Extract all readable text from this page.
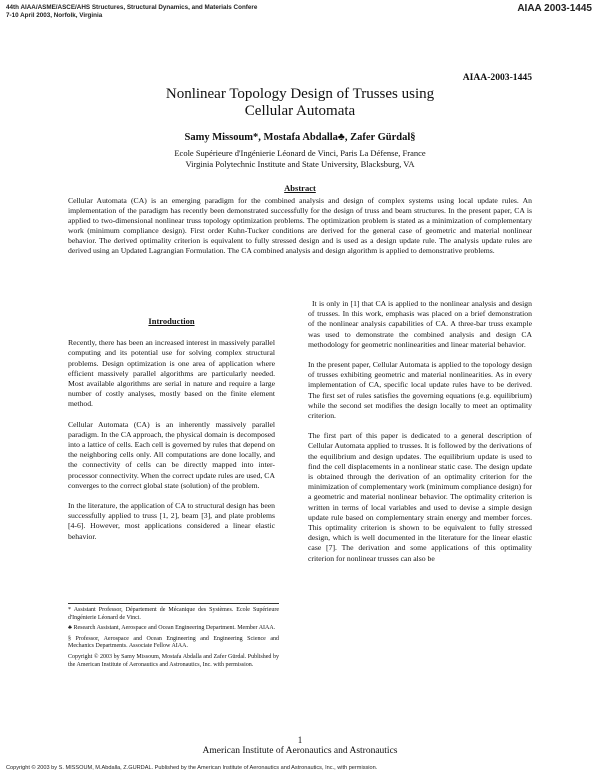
44th AIAA/ASME/ASCE/AHS Structures, Structural Dynamics, and Materials Confere
7-10 April 2003, Norfolk, Virginia
AIAA 2003-1445
AIAA-2003-1445
Nonlinear Topology Design of Trusses using
Cellular Automata
Samy Missoum*, Mostafa Abdalla♣, Zafer Gürdal§
Ecole Supérieure d'Ingénierie Léonard de Vinci, Paris La Défense, France
Virginia Polytechnic Institute and State University, Blacksburg, VA
Abstract
Cellular Automata (CA) is an emerging paradigm for the combined analysis and design of complex systems using local update rules. An implementation of the paradigm has recently been demonstrated successfully for the design of truss and beam structures. In the present paper, CA is applied to two-dimensional nonlinear truss topology optimization problems. The optimization problem is stated as a minimization of complementary work (minimum compliance design). First order Kuhn-Tucker conditions are derived for the general case of geometric and material nonlinear behavior. The derived optimality criterion is equivalent to fully stressed design and is used as a design update rule. The analysis update rules are derived using an Updated Lagrangian Formulation. The CA combined analysis and design algorithm is applied to demonstrative problems.
Introduction

Recently, there has been an increased interest in massively parallel computing and its potential use for solving complex structural problems. Design optimization is one area of application where efficient massively parallel algorithms are particularly needed. Most available algorithms are serial in nature and require a large number of costly analyses, mostly based on the finite element method.

Cellular Automata (CA) is an inherently massively parallel paradigm. In the CA approach, the physical domain is decomposed into a lattice of cells. Each cell is governed by rules that depend on the neighboring cells only. All computations are done locally, and the connectivity of cells can be directly mapped into inter-processor connectivity. When the correct update rules are used, CA converges to the correct global state (solution) of the problem.

In the literature, the application of CA to structural design has been successfully applied to truss [1, 2], beam [3], and plate problems [4-6]. However, most applications considered a linear elastic behavior.

It is only in [1] that CA is applied to the nonlinear analysis and design of trusses. In this work, emphasis was placed on a brief demonstration of the nonlinear analysis capabilities of CA. A three-bar truss example was used to demonstrate the combined analysis and design CA methodology for geometric nonlinearities and linear material behavior.

In the present paper, Cellular Automata is applied to the topology design of trusses exhibiting geometric and material nonlinearities. As in every implementation of CA, specific local update rules have to be derived. The first set of rules satisfies the governing equations (e.g. equilibrium) while the second set modifies the design locally to meet an optimality criterion.

The first part of this paper is dedicated to a general description of Cellular Automata applied to trusses. It is followed by the derivations of the equilibrium and design updates. The equilibrium update is used to find the cell displacements in a nonlinear static case. The design update is obtained through the derivation of an optimality criterion for the minimization of complementary work (minimum compliance design) for a geometric and material nonlinear behavior. The optimality criterion is written in terms of local variables and used to devise a simple design update rule based on complementary strain energy and member forces. This optimality criterion is shown to be equivalent to fully stressed design, which is well documented in the literature for the linear elastic case [7]. The derivation and some applications of this optimality criterion for nonlinear trusses can also be

* Assistant Professor, Département de Mécanique des Systèmes. Ecole Supérieure d'Ingénierie Léonard de Vinci.

♣ Research Assistant, Aerospace and Ocean Engineering Department. Member AIAA.

§ Professor, Aerospace and Ocean Engineering and Engineering Science and Mechanics Departments. Associate Fellow AIAA.

Copyright © 2003 by Samy Missoum, Mostafa Abdalla and Zafer Gürdal. Published by the American Institute of Aeronautics and Astronautics, Inc. with permission.

1
American Institute of Aeronautics and Astronautics
Copyright © 2003 by S. MISSOUM, M.Abdalla, Z.GURDAL. Published by the American Institute of Aeronautics and Astronautics, Inc., with permission.
